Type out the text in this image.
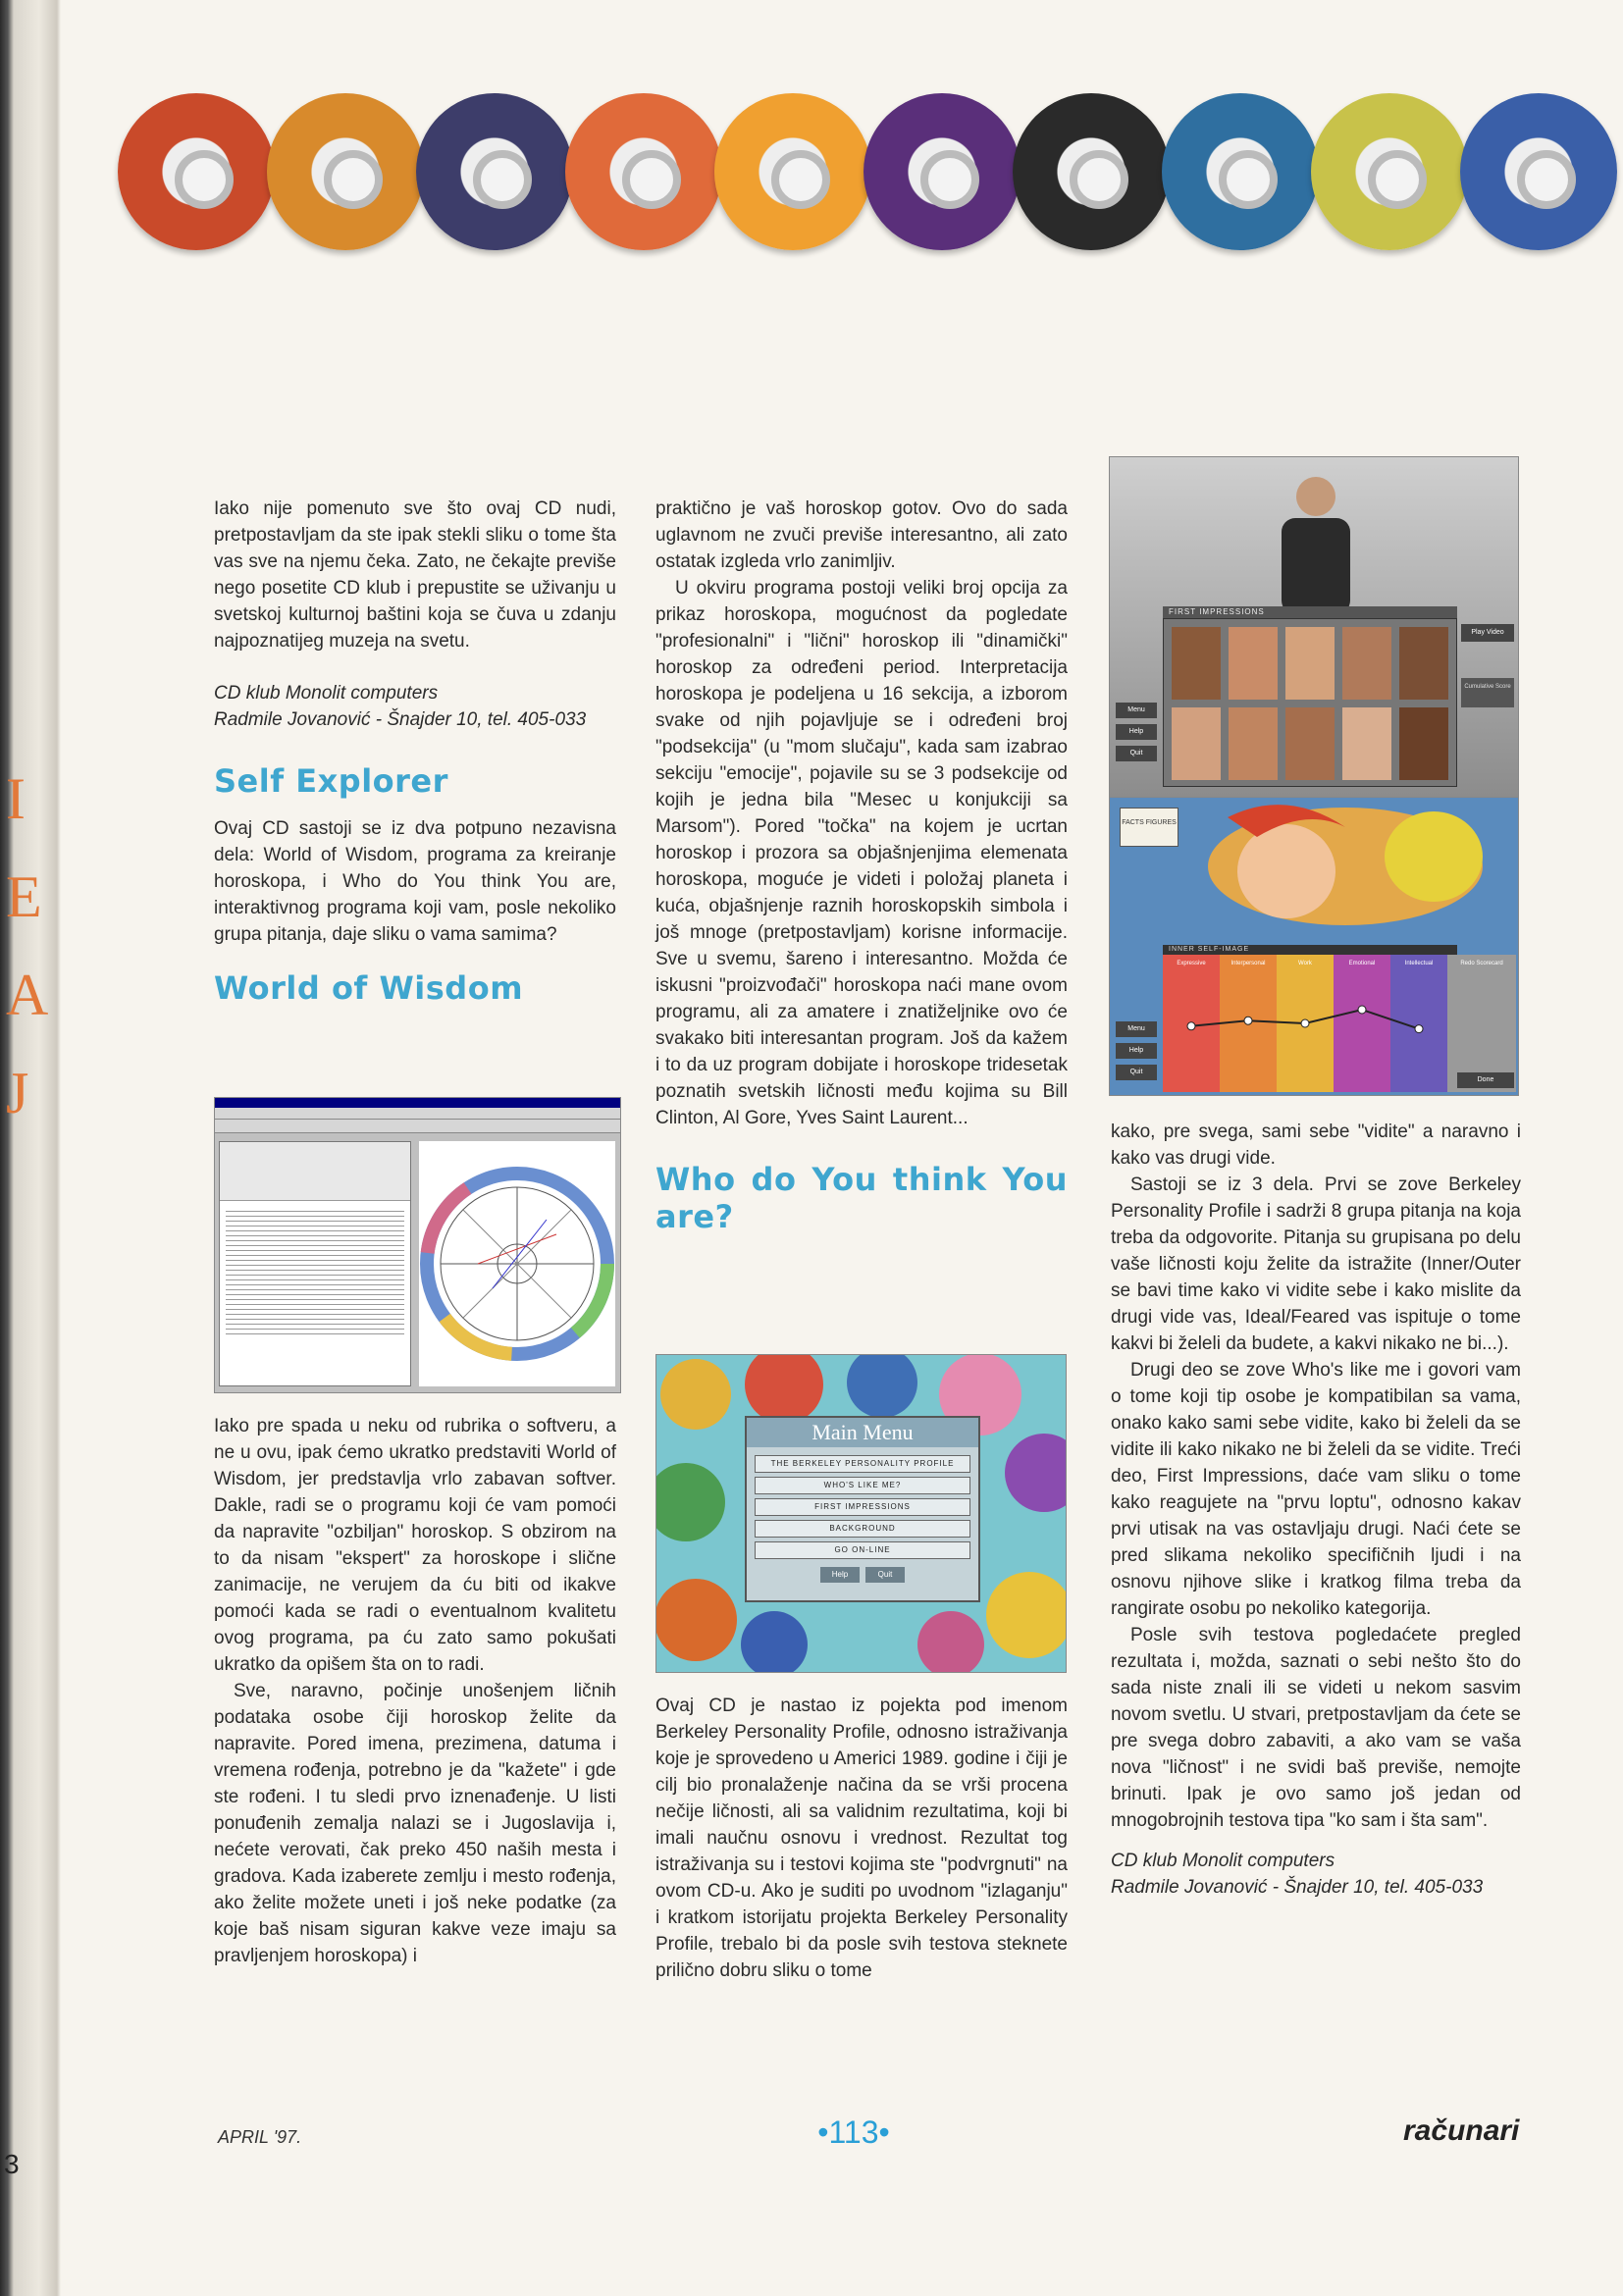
I
E
A
J
3

Iako nije pomenuto sve što ovaj CD nudi, pretpostavljam da ste ipak stekli sliku o tome šta vas sve na njemu čeka. Zato, ne čekajte previše nego posetite CD klub i prepustite se uživanju u svetskoj kulturnoj baštini koja se čuva u zdanju najpoznatijeg muzeja na svetu.

CD klub Monolit computers
Radmile Jovanović - Šnajder 10, tel. 405-033
Self Explorer

Ovaj CD sastoji se iz dva potpuno nezavisna dela: World of Wisdom, programa za kreiranje horoskopa, i Who do You think You are, interaktivnog programa koji vam, posle nekoliko grupa pitanja, daje sliku o vama samima?

World of Wisdom

Iako pre spada u neku od rubrika o softveru, a ne u ovu, ipak ćemo ukratko predstaviti World of Wisdom, jer predstavlja vrlo zabavan softver. Dakle, radi se o programu koji će vam pomoći da napravite "ozbiljan" horoskop. S obzirom na to da nisam "ekspert" za horoskope i slične zanimacije, ne verujem da ću biti od ikakve pomoći kada se radi o eventualnom kvalitetu ovog programa, pa ću zato samo pokušati ukratko da opišem šta on to radi.

Sve, naravno, počinje unošenjem ličnih podataka osobe čiji horoskop želite da napravite. Pored imena, prezimena, datuma i vremena rođenja, potrebno je da "kažete" i gde ste rođeni. I tu sledi prvo iznenađenje. U listi ponuđenih zemalja nalazi se i Jugoslavija i, nećete verovati, čak preko 450 naših mesta i gradova. Kada izaberete zemlju i mesto rođenja, ako želite možete uneti i još neke podatke (za koje baš nisam siguran kakve veze imaju sa pravljenjem horoskopa) i

praktično je vaš horoskop gotov. Ovo do sada uglavnom ne zvuči previše interesantno, ali zato ostatak izgleda vrlo zanimljiv.

U okviru programa postoji veliki broj opcija za prikaz horoskopa, mogućnost da pogledate "profesionalni" i "lični" horoskop ili "dinamički" horoskop za određeni period. Interpretacija horoskopa je podeljena u 16 sekcija, a izborom svake od njih pojavljuje se i određeni broj "podsekcija" (u "mom slučaju", kada sam izabrao sekciju "emocije", pojavile su se 3 podsekcije od kojih je jedna bila "Mesec u konjukciji sa Marsom"). Pored "točka" na kojem je ucrtan horoskop i prozora sa objašnjenjima elemenata horoskopa, moguće je videti i položaj planeta i kuća, objašnjenje raznih horoskopskih simbola i još mnoge (pretpostavljam) korisne informacije. Sve u svemu, šareno i interesantno. Možda će iskusni "proizvođači" horoskopa naći mane ovom programu, ali za amatere i znatiželjnike ovo će svakako biti interesantan program. Još da kažem i to da uz program dobijate i horoskope tridesetak poznatih svetskih ličnosti među kojima su Bill Clinton, Al Gore, Yves Saint Laurent...

Who do You think You are?
Main Menu
THE BERKELEY PERSONALITY PROFILE
WHO'S LIKE ME?
FIRST IMPRESSIONS
BACKGROUND
GO ON-LINE
Help	Quit

Ovaj CD je nastao iz pojekta pod imenom Berkeley Personality Profile, odnosno istraživanja koje je sprovedeno u Americi 1989. godine i čiji je cilj bio pronalaženje načina da se vrši procena nečije ličnosti, ali sa validnim rezultatima, koji bi imali naučnu osnovu i vrednost. Rezultat tog istraživanja su i testovi kojima ste "podvrgnuti" na ovom CD-u. Ako je suditi po uvodnom "izlaganju" i kratkom istorijatu projekta Berkeley Personality Profile, trebalo bi da posle svih testova steknete prilično dobru sliku o tome

FIRST IMPRESSIONS
Menu
Help
Quit
Play Video
Cumulative Score
FACTS FIGURES
INNER SELF-IMAGE
Expressive	Interpersonal	Work	Emotional	Intellectual	Redo Scorecard
Menu
Help
Quit
Done

kako, pre svega, sami sebe "vidite" a naravno i kako vas drugi vide.

Sastoji se iz 3 dela. Prvi se zove Berkeley Personality Profile i sadrži 8 grupa pitanja na koja treba da odgovorite. Pitanja su grupisana po delu vaše ličnosti koju želite da istražite (Inner/Outer se bavi time kako vi vidite sebe i kako mislite da drugi vide vas, Ideal/Feared vas ispituje o tome kakvi bi želeli da budete, a kakvi nikako ne bi...).

Drugi deo se zove Who's like me i govori vam o tome koji tip osobe je kompatibilan sa vama, onako kako sami sebe vidite, kako bi želeli da se vidite ili kako nikako ne bi želeli da se vidite. Treći deo, First Impressions, daće vam sliku o tome kako reagujete na "prvu loptu", odnosno kakav prvi utisak na vas ostavljaju drugi. Naći ćete se pred slikama nekoliko specifičnih ljudi i na osnovu njihove slike i kratkog filma treba da rangirate osobu po nekoliko kategorija.

Posle svih testova pogledaćete pregled rezultata i, možda, saznati o sebi nešto što do sada niste znali ili se videti u nekom sasvim novom svetlu. U stvari, pretpostavljam da ćete se pre svega dobro zabaviti, a ako vam se vaša nova "ličnost" i ne svidi baš previše, nemojte brinuti. Ipak je ovo samo još jedan od mnogobrojnih testova tipa "ko sam i šta sam".

CD klub Monolit computers
Radmile Jovanović - Šnajder 10, tel. 405-033
APRIL '97.	•113•	računari
